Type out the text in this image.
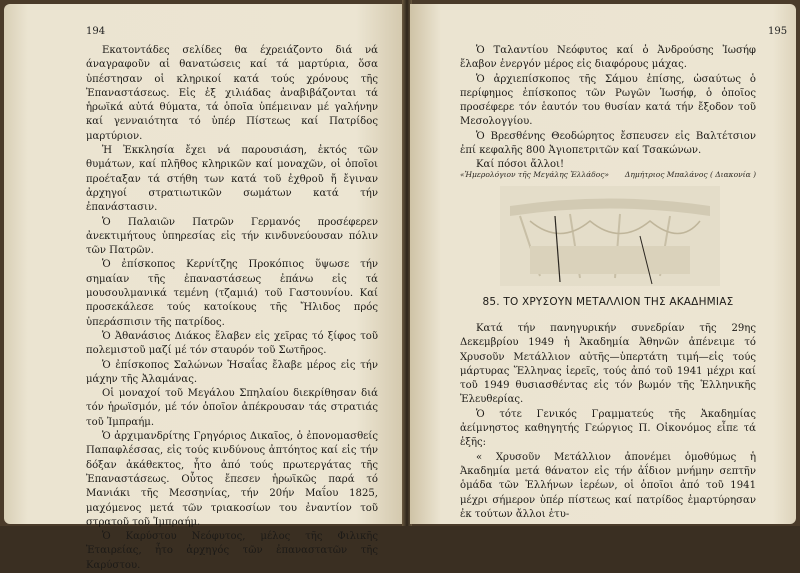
194

Εκατοντάδες σελίδες θα έχρειάζοντο διά νά άναγραφοῦν αἱ θανατώσεις καί τά μαρτύρια, ὅσα ὑπέστησαν οἱ κληρικοί κατά τούς χρόνους τῆς Ἐπαναστάσεως. Εἰς ἑξ χιλιάδας ἀναβιβάζονται τά ἡρωϊκά αὐτά θύματα, τά ὁποῖα ὑπέμειναν μέ γαλήνην καί γενναιότητα τό ὑπέρ Πίστεως καί Πατρίδος μαρτύριον.

Ἡ Ἐκκλησία ἔχει νά παρουσιάση, ἐκτός τῶν θυμάτων, καί πλῆθος κληρικῶν καί μοναχῶν, οἱ ὁποῖοι προέταξαν τά στήθη των κατά τοῦ ἐχθροῦ ἤ ἔγιναν ἀρχηγοί στρατιωτικῶν σωμάτων κατά τήν ἐπανάστασιν.

Ὁ Παλαιῶν Πατρῶν Γερμανός προσέφερεν ἀνεκτιμήτους ὑπηρεσίας εἰς τήν κινδυνεύουσαν πόλιν τῶν Πατρῶν.

Ὁ ἐπίσκοπος Κερνίτζης Προκόπιος ὕψωσε τήν σημαίαν τῆς ἐπαναστάσεως ἐπάνω εἰς τά μουσουλμανικά τεμένη (τζαμιά) τοῦ Γαστουνίου. Καί προσεκάλεσε τούς κατοίκους τῆς Ἤλιδος πρός ὑπεράσπισιν τῆς πατρίδος.

Ὁ Ἀθανάσιος Διάκος ἔλαβεν εἰς χεῖρας τό ξίφος τοῦ πολεμιστοῦ μαζί μέ τόν σταυρόν τοῦ Σωτῆρος.

Ὁ ἐπίσκοπος Σαλώνων Ἡσαΐας ἔλαβε μέρος εἰς τήν μάχην τῆς Ἀλαμάνας.

Οἱ μοναχοί τοῦ Μεγάλου Σπηλαίου διεκρίθησαν διά τόν ἡρωϊσμόν, μέ τόν ὁποῖον ἀπέκρουσαν τάς στρατιάς τοῦ Ἰμπραήμ.

Ὁ ἀρχιμανδρίτης Γρηγόριος Δικαῖος, ὁ ἐπονομασθείς Παπαφλέσσας, εἰς τούς κινδύνους ἀπτόητος καί εἰς τήν δόξαν ἀκάθεκτος, ἦτο ἀπό τούς πρωτεργάτας τῆς Ἐπαναστάσεως. Οὗτος ἔπεσεν ἡρωϊκῶς παρά τό Μανιάκι τῆς Μεσσηνίας, τήν 20ήν Μαΐου 1825, μαχόμενος μετά τῶν τριακοσίων του ἐναντίον τοῦ στρατοῦ τοῦ Ἰμπραήμ.

Ὁ Καρύστου Νεόφυτος, μέλος τῆς Φιλικῆς Ἑταιρείας, ἦτο ἀρχηγός τῶν ἐπαναστατῶν τῆς Καρύστου.

195

Ὁ Ταλαντίου Νεόφυτος καί ὁ Ἀνδρούσης Ἰωσήφ ἔλαβον ἐνεργόν μέρος εἰς διαφόρους μάχας.

Ὁ ἀρχιεπίσκοπος τῆς Σάμου ἐπίσης, ὡσαύτως ὁ περίφημος ἐπίσκοπος τῶν Ρωγῶν Ἰωσήφ, ὁ ὁποῖος προσέφερε τόν ἑαυτόν του θυσίαν κατά τήν ἔξοδον τοῦ Μεσολογγίου.

Ὁ Βρεσθένης Θεοδώρητος ἔσπευσεν εἰς Βαλτέτσιον ἐπί κεφαλῆς 800 Ἀγιοπετριτῶν καί Τσακώνων.

Καί πόσοι ἄλλοι!

«Ἡμερολόγιον τῆς Μεγάλης Ἑλλάδος» Δημήτριος Μπαλάνος ( Διακονία )
85. ΤΟ ΧΡΥΣΟΥΝ ΜΕΤΑΛΛΙΟΝ ΤΗΣ ΑΚΑΔΗΜΙΑΣ

Κατά τήν πανηγυρικήν συνεδρίαν τῆς 29ης Δεκεμβρίου 1949 ἡ Ἀκαδημία Ἀθηνῶν ἀπένειμε τό Χρυσοῦν Μετάλλιον αὐτῆς—ὑπερτάτη τιμή—εἰς τούς μάρτυρας Ἕλληνας ἱερεῖς, τούς ἀπό τοῦ 1941 μέχρι καί τοῦ 1949 θυσιασθέντας εἰς τόν βωμόν τῆς Ἑλληνικῆς Ἐλευθερίας.

Ὁ τότε Γενικός Γραμματεύς τῆς Ἀκαδημίας ἀείμνηστος καθηγητής Γεώργιος Π. Οἰκονόμος εἶπε τά ἑξῆς:

« Χρυσοῦν Μετάλλιον ἀπονέμει ὁμοθύμως ἡ Ἀκαδημία μετά θάνατον εἰς τήν ἀΐδιον μνήμην σεπτῆν ὁμάδα τῶν Ἑλλήνων ἱερέων, οἱ ὁποῖοι ἀπό τοῦ 1941 μέχρι σήμερον ὑπέρ πίστεως καί πατρίδος ἐμαρτύρησαν ἐκ τούτων ἄλλοι ἐτυ-
